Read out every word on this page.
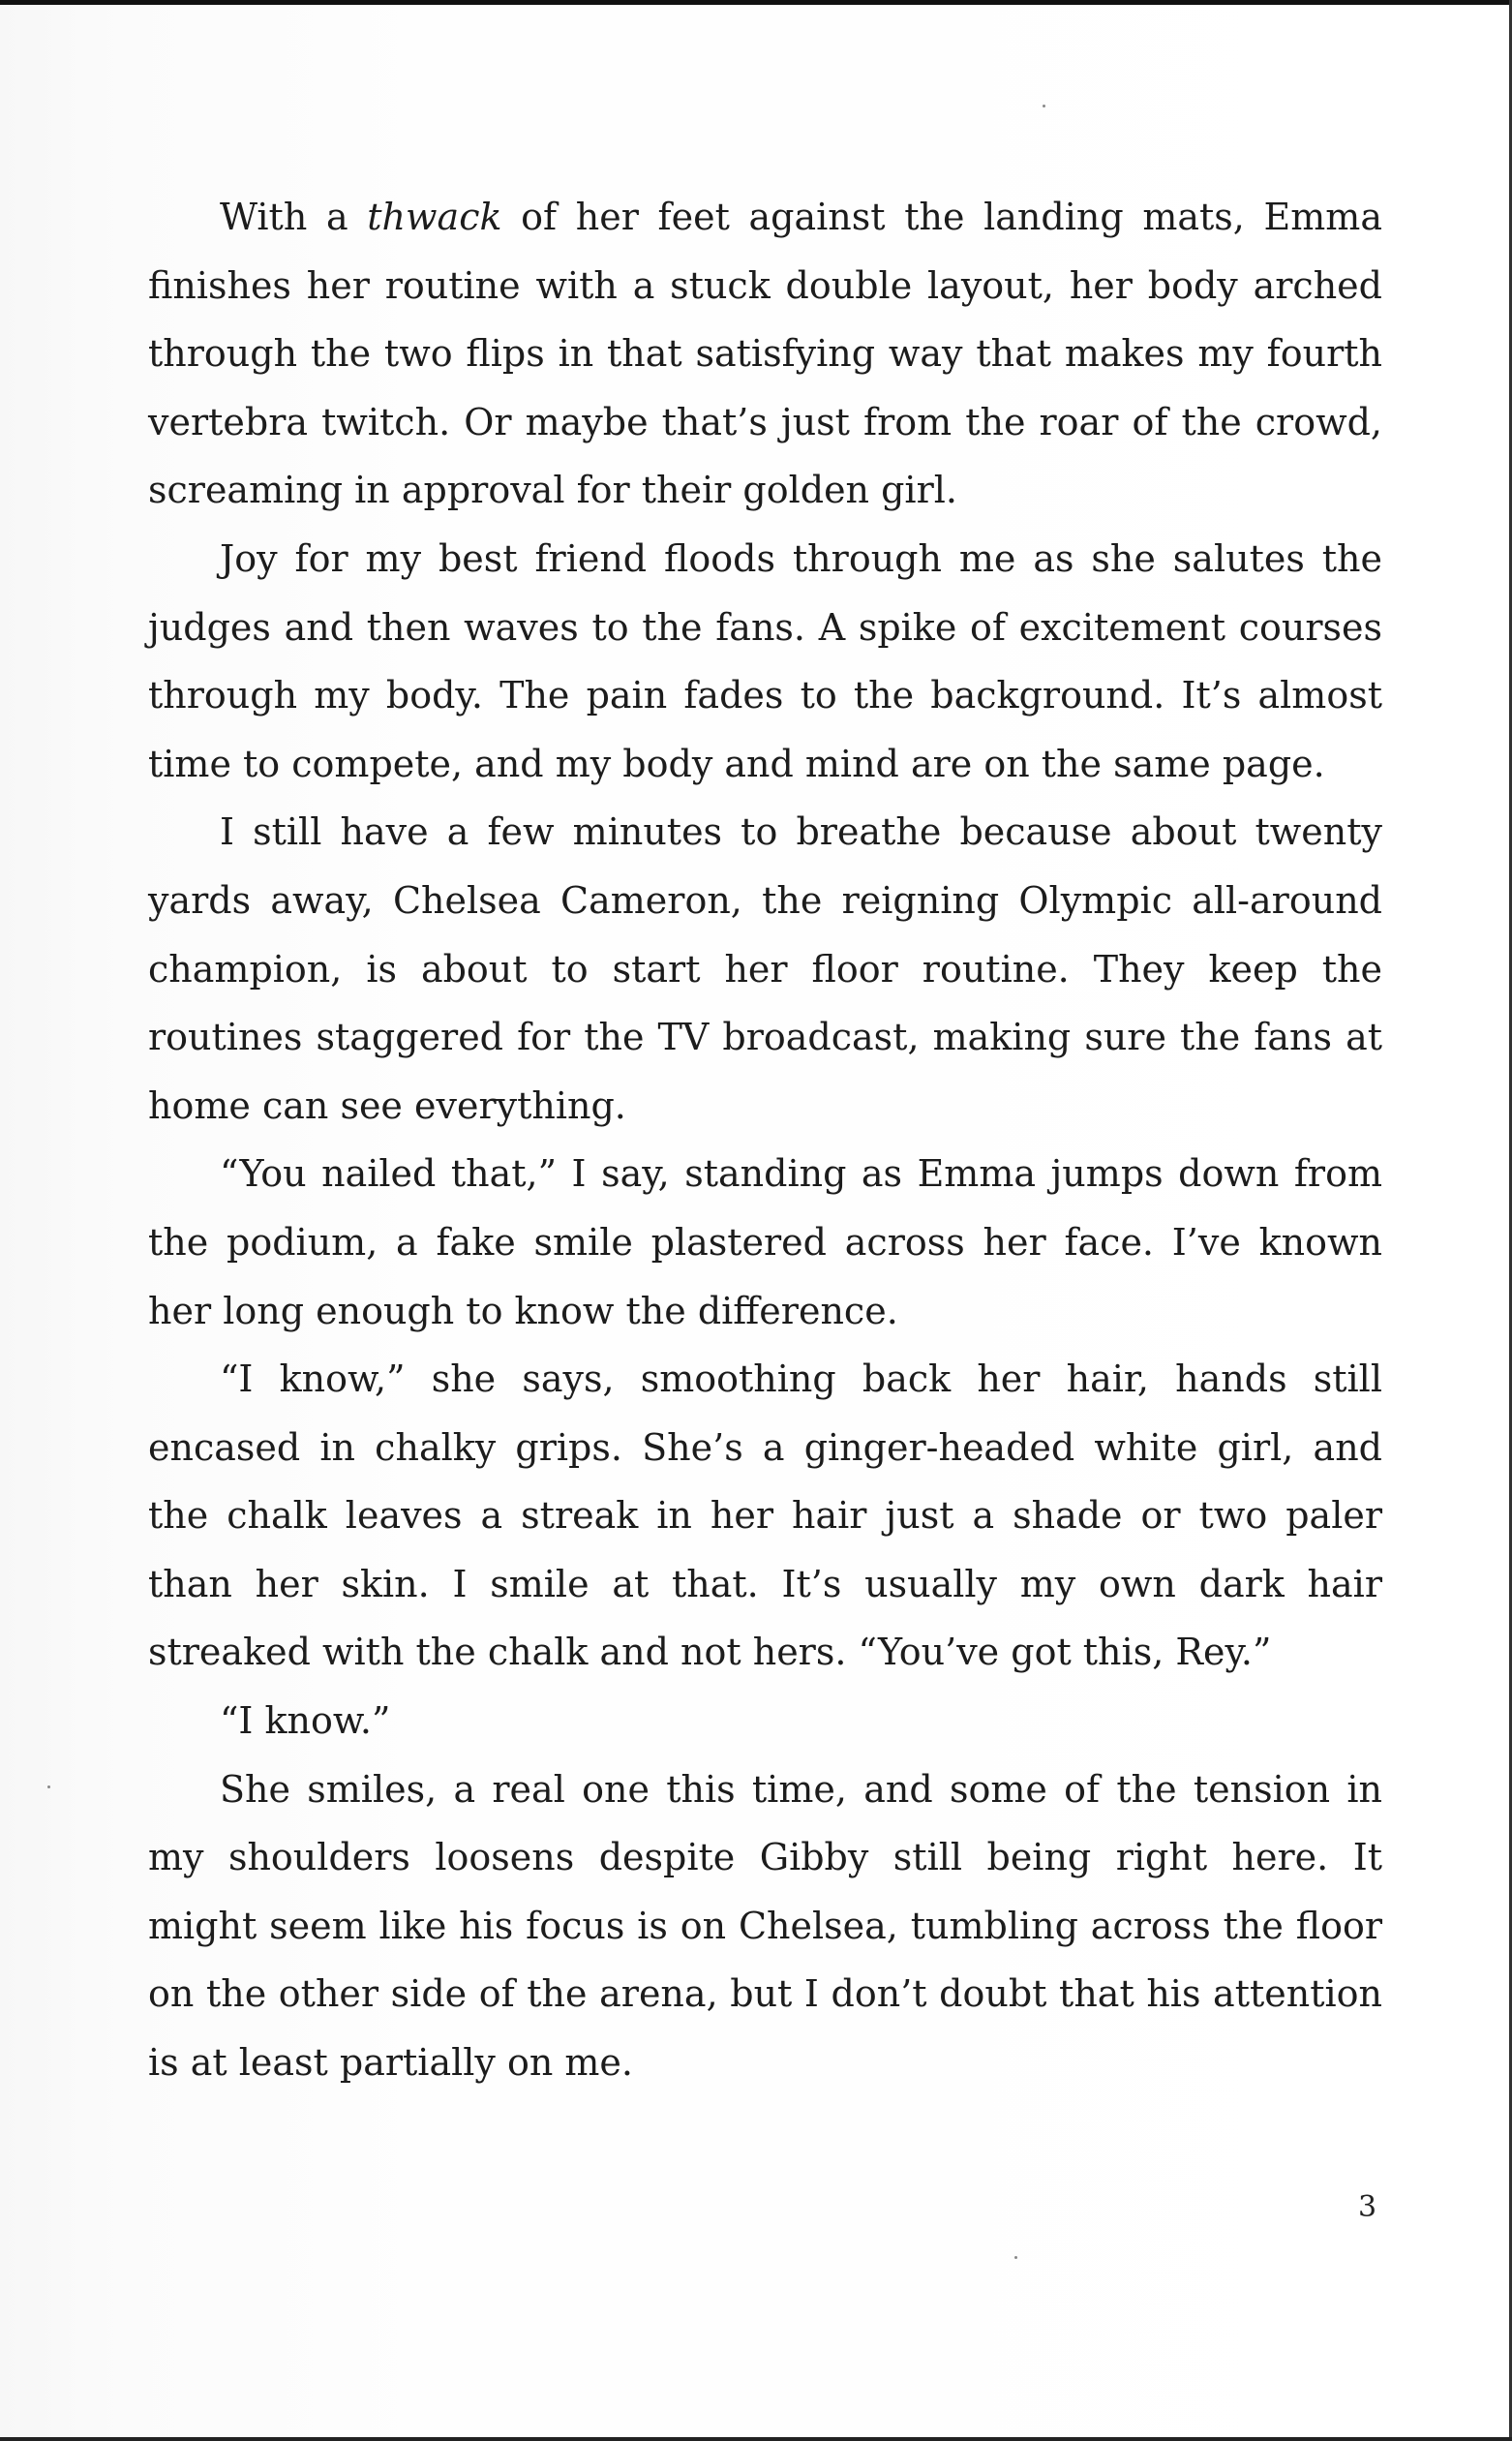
With a thwack of her feet against the landing mats, Emma finishes her routine with a stuck double layout, her body arched through the two flips in that satisfying way that makes my fourth vertebra twitch. Or maybe that’s just from the roar of the crowd, screaming in approval for their golden girl.

Joy for my best friend floods through me as she salutes the judges and then waves to the fans. A spike of excitement courses through my body. The pain fades to the background. It’s almost time to compete, and my body and mind are on the same page.

I still have a few minutes to breathe because about twenty yards away, Chelsea Cameron, the reigning Olympic all-around champion, is about to start her floor routine. They keep the routines staggered for the TV broadcast, making sure the fans at home can see everything.

“You nailed that,” I say, standing as Emma jumps down from the podium, a fake smile plastered across her face. I’ve known her long enough to know the difference.

“I know,” she says, smoothing back her hair, hands still encased in chalky grips. She’s a ginger-headed white girl, and the chalk leaves a streak in her hair just a shade or two paler than her skin. I smile at that. It’s usually my own dark hair streaked with the chalk and not hers. “You’ve got this, Rey.”

“I know.”

She smiles, a real one this time, and some of the tension in my shoulders loosens despite Gibby still being right here. It might seem like his focus is on Chelsea, tumbling across the floor on the other side of the arena, but I don’t doubt that his attention is at least partially on me.

3
